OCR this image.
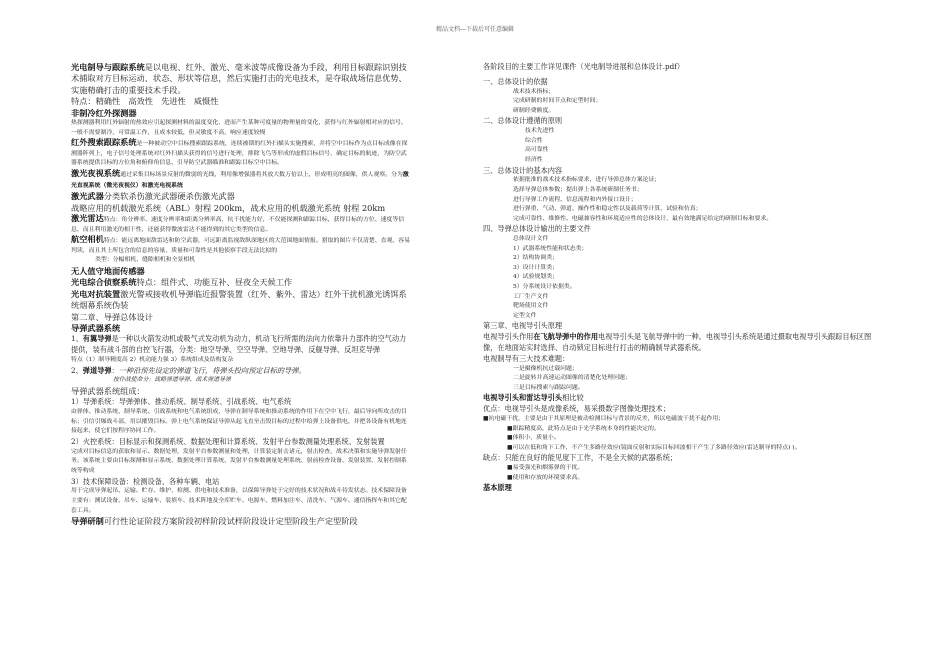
精品文档---下载后可任意编辑

光电制导与跟踪系统是以电视、红外、激光、毫米波等成像设备为手段，利用目标跟踪识别技术捕取对方目标运动、状态、形状等信息，然后实施打击的光电技术，是夺取战场信息优势、实施精确打击的重要技术手段。

特点：精确性　高效性　先进性　威慑性

非制冷红外探测器

热探测器利用红外辐射的热效应引起探测材料的温度变化，进而产生某种可度量的物理量的变化，获得与红外辐射相对应的信号。一般不需要制冷，可常温工作，且成本较低，但灵敏度不高，响应速度较慢

红外搜索跟踪系统是一种被动空中目标搜索跟踪系统，连续被锁的红外扫描头实施搜索，并将空中目标作为点目标成像在探测器阵列上，电子信号处理系统对红外扫描头获得的信号进行处理，排除飞鸟等形成的虚假目标信号，确定目标的航迹，为防空武器系统提供目标的方位角和俯仰角信息，引导防空武器瞄准和跟踪目标空中目标。

激光夜视系统通过采集目标场景反射的微弱的光线，利用像增强器将其放大数万倍以上，形成明亮的图像，供人观察。分为激光直视系统（微光夜视仪）和激光电视系统

激光武器分类软杀伤激光武器硬杀伤激光武器

战略应用的机载激光系统（ABL）射程 200km，战术应用的机载激光系统 射程 20km

激光雷达特点：角分辨率、速度分辨率和距离分辨率高，抗干扰能力好，不仅能探测和跟踪目标，获得目标的方位、速度等信息，而且利用激光的相干性，还能获得微波雷达不能得到的其它类型的信息。

航空相机特点：能远离地面敌雷达和防空武器，可远距离监视敌纵深地区的大范围地面情报。猎取的图片不仅清楚、直观、容易判读，而且其上所包含的信息的容量、质量和可靠性是其他侦察手段无法比拟的

类型：分幅相机、缝隙相机和全景相机

无人值守地面传感器

光电综合侦察系统特点：组件式、功能互补、昼夜全天候工作

光电对抗装置激光警戒接收机导弹临近报警装置（红外、紫外、雷达）红外干扰机激光诱饵系统烟幕系统伪装

第二章、导弹总体设计

导弹武器系统

1、有翼导弹是一种以火箭发动机或吸气式发动机为动力，机动飞行所需的法向力依靠升力部件的空气动力提供，装有战斗部的自控飞行器，分类：地空导弹、空空导弹、空地导弹、反舰导弹、反坦克导弹

特点（1）制导精度高 2）机动能力强 3）系统组成及结构复杂

2、弹道导弹：一种沿预先设定的弹道飞行，将弹头投向预定目标的导弹。

按作战使命分：战略弹道导弹、战术弹道导弹

导弹武器系统组成：

1）导弹系统：导弹弹体、推动系统、制导系统、引战系统、电气系统

由弹体、推动系统、制导系统、引战系统和电气系统组成，导弹在制导系统和推动系统的作用下在空中飞行，最后导向所攻击的目标；引信引爆战斗部，用以摧毁目标。弹上电气系统保证导弹从起飞直至击毁目标的过程中给弹上设备供电，并把各设备有机地连接起来，使它们按程序协同工作。

2）火控系统：目标显示和探测系统、数据处理和计算系统、发射平台参数测量处理系统、发射装置

完成对目标信息的获取和显示、数据处理，发射平台参数测量和处理，计算装定射击诸元，射击检查，战术决策和实施导弹发射任务。该系统主要由目标探测和显示系统、数据处理计算系统、发射平台参数测量处理系统、射前检查设备、发射装置、发射控制系统等构成

3）技术保障设备：检测设备、各种车辆、电站

用于完成导弹起吊、运输、贮存、维护、检测、供电和技术准备，以保障导弹处于完好的技术状况和战斗待发状态。技术保障设备主要有：测试设备、吊车、运输车、装填车、技术阵地及全库贮车、电源车、燃料加注车、清洗车、气源车、通信指挥车和其它配套工具。

导弹研制可行性论证阶段方案阶段初样阶段试样阶段设计定型阶段生产定型阶段

各阶段目的主要工作详见课件（光电制导进展和总体设计.pdf）

一、总体设计的依据

战术技术指标；

完成研制的时间节点和定型时间；

研制经费额度。

二、总体设计遵循的原则

技术先进性

综合性

高可靠性

经济性

三、总体设计的基本内容

依据批准的战术技术指标要求，进行导弹总体方案论证；

选择导弹总体参数；提出弹上各系统研制任务书；

进行导弹工作流程、信息流程和内外接口设计；

进行弹重、气动、弹道、操作性和稳定性以及载荷等计算，试验和仿真；

完成可靠性、维修性、电磁兼容性和环境适应性的总体设计，最有效地满足给定的研制目标和要求。

四、导弹总体设计输出的主要文件

总体设计文件

1）武器系统性能和状态类；

2）结构协调类；

3）设计计算类；

4）试验规划类；

5）分系统设计依据类。

工厂生产文件

靶场使用文件

定型文件

第三章、电视导引头原理

电视导引头作用在飞航导弹中的作用电视导引头是飞航导弹中的一种。电视导引头系统是通过摄取电视导引头跟踪目标区图像，在地面站实时选择、自动锁定目标进行打击的精确制导武器系统。

电视制导有三大技术难题：

一是摄像机抗过载问题；

二是旋转并高速运动图像的清楚化处理问题；

三是目标搜索与跟踪问题。

电视导引头和雷达导引头相比较

优点：电视导引头是成像系统，易采摄数字图像处理技术；

■抗电磁干扰，主要是由于其原理是被动检测目标与背景的反差，所以电磁波干扰不起作用；

■跟踪精度高，此特点是由于光学系统本身的性能决定的。

■体积小，质量小。

■可以在低和角下工作，不产生多路径效应(镜面反射和实际目标回波相干产生了多路径效应(雷达制导的特点) )。

缺点：只能在良好的能见度下工作，不是全天候的武器系统；

■易受强光和烟雾弹的干扰。

■使用和存放的环境要求高。

基本原理
